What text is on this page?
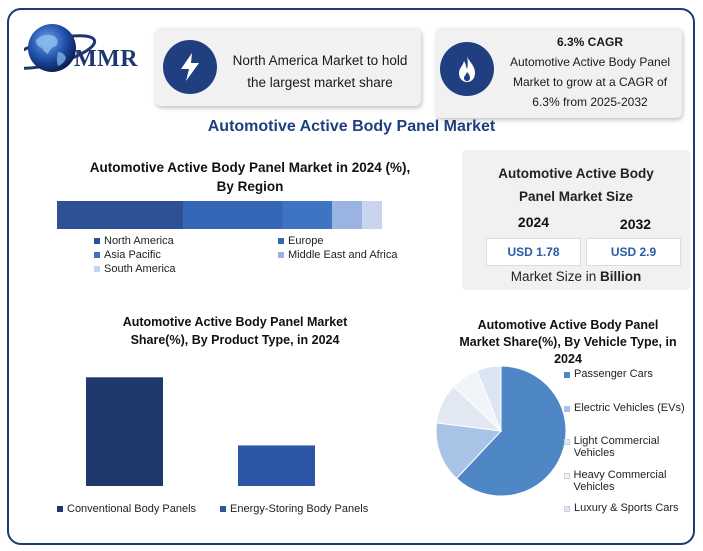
MMR	North America Market to hold
the largest market share
6.3% CAGR
Automotive Active Body Panel
Market to grow at a CAGR of
6.3% from 2025-2032
Automotive Active Body Panel Market
Automotive Active Body Panel Market in 2024 (%),
By Region
North America	Europe
Asia Pacific	Middle East and Africa
South America
Automotive Active Body
Panel Market Size
2024	2032
USD 1.78	USD 2.9
Market Size in Billion
Automotive Active Body Panel Market
Share(%), By Product Type, in 2024
Conventional Body Panels	Energy-Storing Body Panels
Automotive Active Body Panel
Market Share(%), By Vehicle Type, in
2024
Passenger Cars
Electric Vehicles (EVs)
Light Commercial Vehicles
Heavy Commercial Vehicles
Luxury & Sports Cars
